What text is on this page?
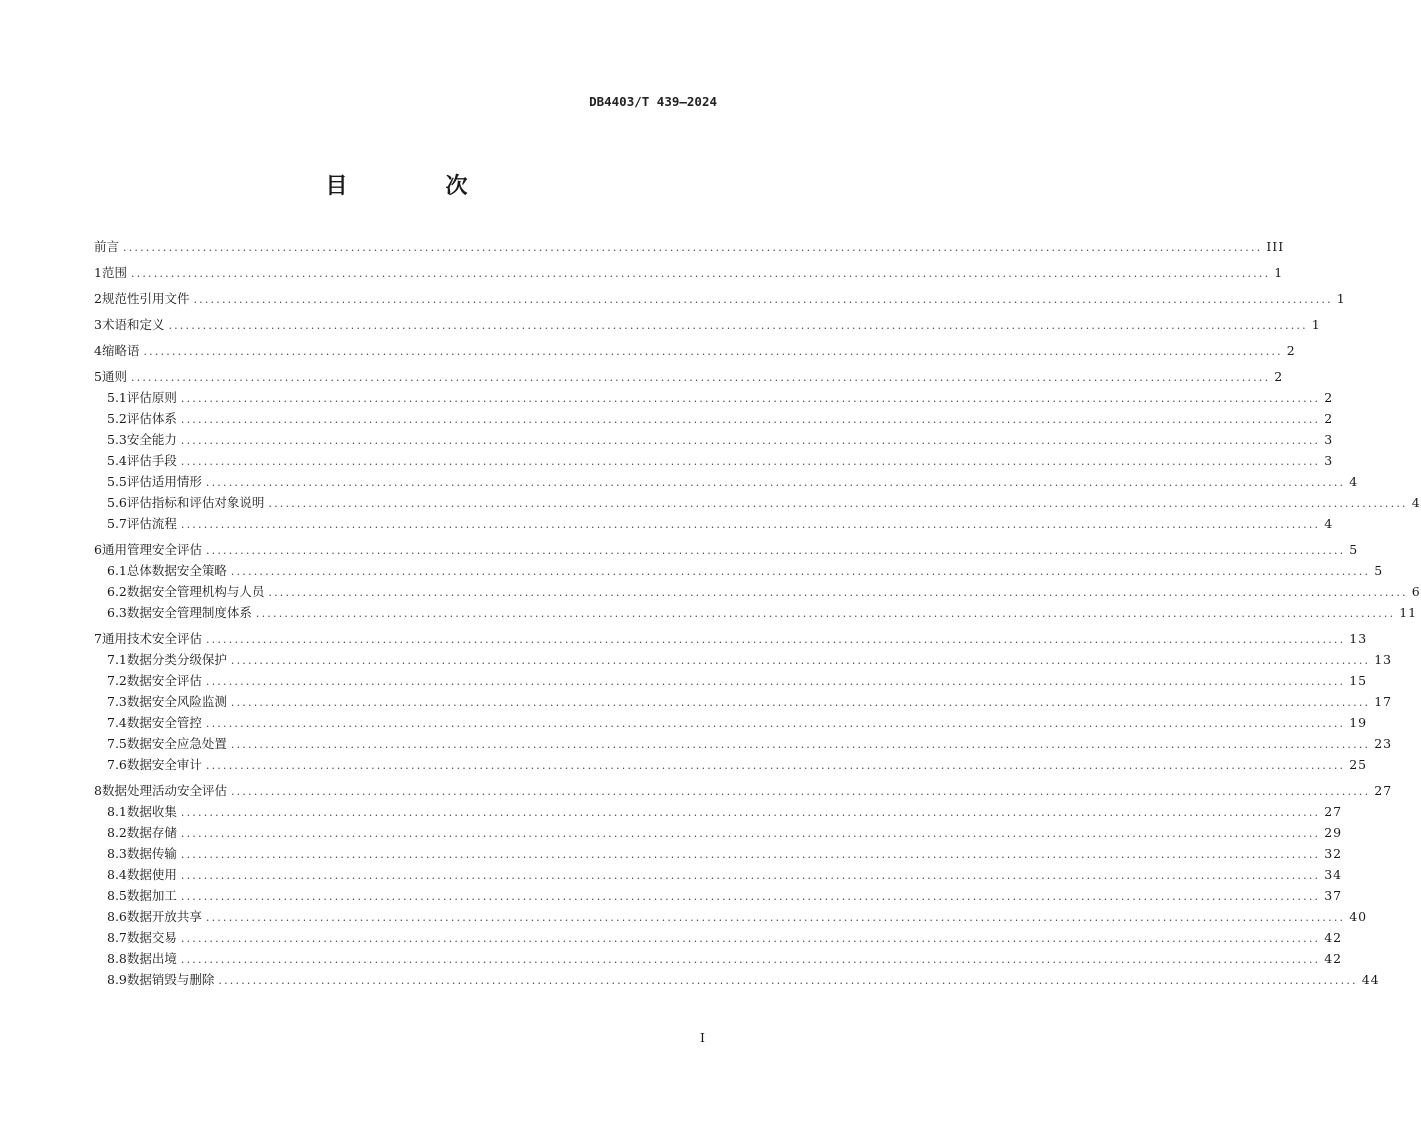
DB4403/T 439—2024
目　次
前言 ........................................................................................................................................................................................................ III
1 范围 ........................................................................................................................................................................................................ 1
2 规范性引用文件 ........................................................................................................................................................................................................ 1
3 术语和定义 ........................................................................................................................................................................................................ 1
4 缩略语 ........................................................................................................................................................................................................ 2
5 通则 ........................................................................................................................................................................................................ 2
5.1 评估原则 ........................................................................................................................................................................................................ 2
5.2 评估体系 ........................................................................................................................................................................................................ 2
5.3 安全能力 ........................................................................................................................................................................................................ 3
5.4 评估手段 ........................................................................................................................................................................................................ 3
5.5 评估适用情形 ........................................................................................................................................................................................................ 4
5.6 评估指标和评估对象说明 ........................................................................................................................................................................................................ 4
5.7 评估流程 ........................................................................................................................................................................................................ 4
6 通用管理安全评估 ........................................................................................................................................................................................................ 5
6.1 总体数据安全策略 ........................................................................................................................................................................................................ 5
6.2 数据安全管理机构与人员 ........................................................................................................................................................................................................ 6
6.3 数据安全管理制度体系 ........................................................................................................................................................................................................ 11
7 通用技术安全评估 ........................................................................................................................................................................................................ 13
7.1 数据分类分级保护 ........................................................................................................................................................................................................ 13
7.2 数据安全评估 ........................................................................................................................................................................................................ 15
7.3 数据安全风险监测 ........................................................................................................................................................................................................ 17
7.4 数据安全管控 ........................................................................................................................................................................................................ 19
7.5 数据安全应急处置 ........................................................................................................................................................................................................ 23
7.6 数据安全审计 ........................................................................................................................................................................................................ 25
8 数据处理活动安全评估 ........................................................................................................................................................................................................ 27
8.1 数据收集 ........................................................................................................................................................................................................ 27
8.2 数据存储 ........................................................................................................................................................................................................ 29
8.3 数据传输 ........................................................................................................................................................................................................ 32
8.4 数据使用 ........................................................................................................................................................................................................ 34
8.5 数据加工 ........................................................................................................................................................................................................ 37
8.6 数据开放共享 ........................................................................................................................................................................................................ 40
8.7 数据交易 ........................................................................................................................................................................................................ 42
8.8 数据出境 ........................................................................................................................................................................................................ 42
8.9 数据销毁与删除 ........................................................................................................................................................................................................ 44
I
